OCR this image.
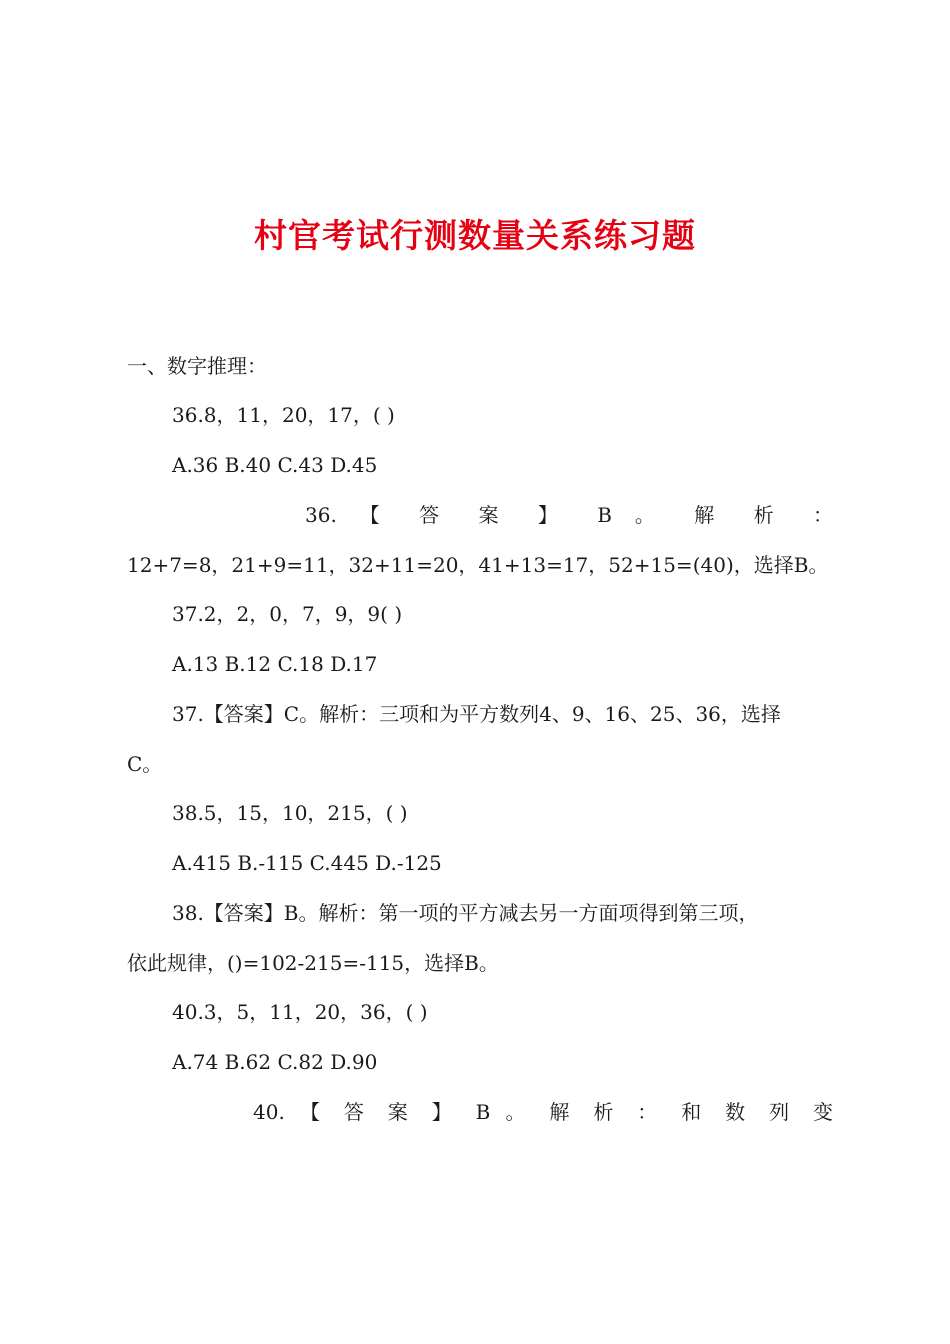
村官考试行测数量关系练习题
一、数字推理：
36.8，11，20，17，( )
A.36 B.40 C.43 D.45
36. 【 答 案 】 B 。 解 析 ：
12+7=8，21+9=11，32+11=20，41+13=17，52+15=(40)，选择B。
37.2，2，0，7，9，9( )
A.13 B.12 C.18 D.17
37.【答案】C。解析：三项和为平方数列4、9、16、25、36，选择
C。
38.5，15，10，215，( )
A.415 B.-115 C.445 D.-125
38.【答案】B。解析：第一项的平方减去另一方面项得到第三项，
依此规律，()=102-215=-115，选择B。
40.3，5，11，20，36，( )
A.74 B.62 C.82 D.90
40. 【 答 案 】 B 。 解 析 ： 和 数 列 变
